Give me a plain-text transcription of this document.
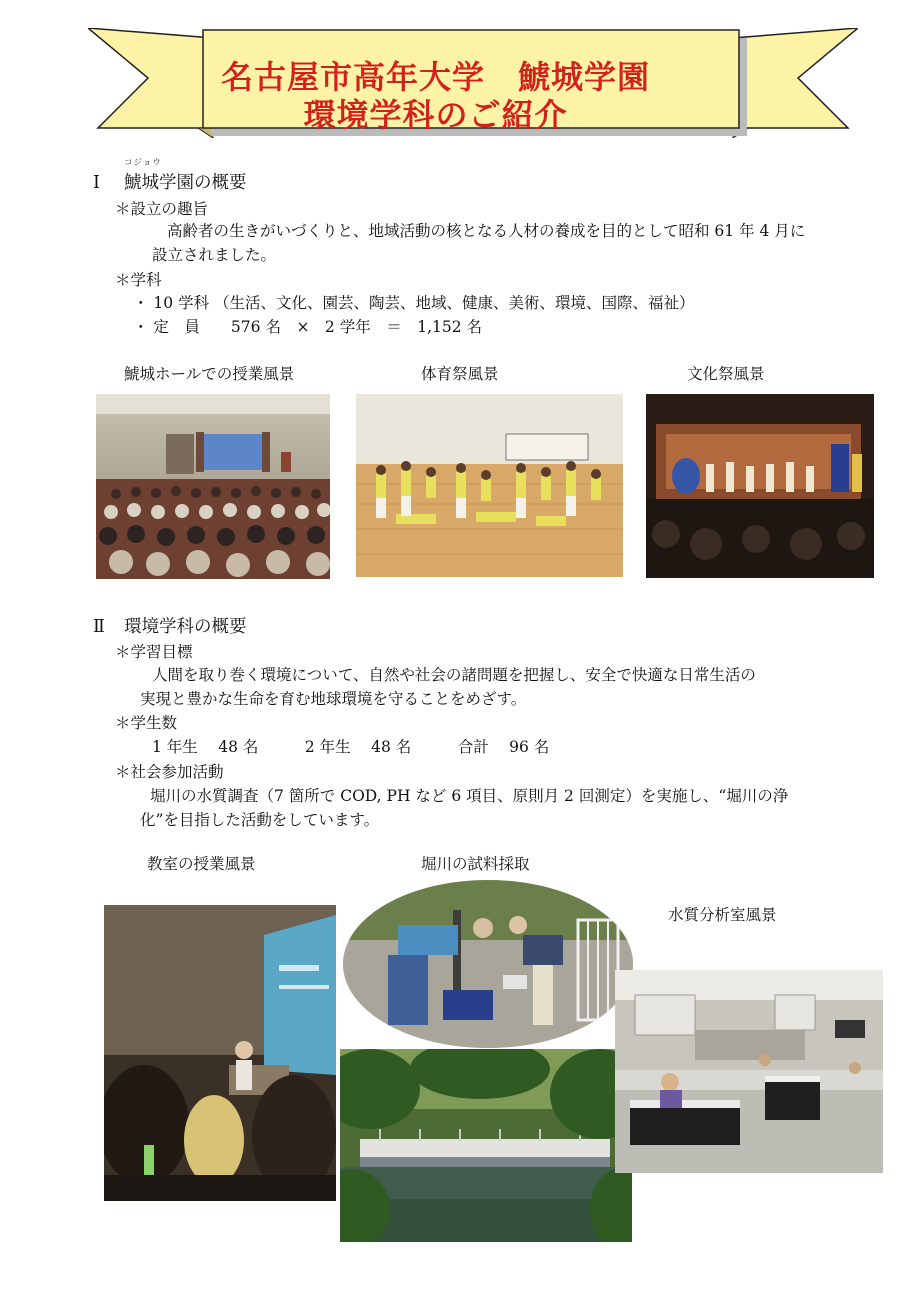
名古屋市高年大学　鯱城学園
環境学科のご紹介
コジョウ
Ⅰ 鯱城学園の概要
＊設立の趣旨
高齢者の生きがいづくりと、地域活動の核となる人材の養成を目的として昭和 61 年 4 月に
設立されました。
＊学科
・ 10 学科 （生活、文化、園芸、陶芸、地域、健康、美術、環境、国際、福祉）
・ 定　員　　576 名　×　2 学年　＝　1,152 名
鯱城ホールでの授業風景	体育祭風景	文化祭風景
Ⅱ 環境学科の概要
＊学習目標
人間を取り巻く環境について、自然や社会の諸問題を把握し、安全で快適な日常生活の
実現と豊かな生命を育む地球環境を守ることをめざす。
＊学生数
1 年生　 48 名　　　2 年生　 48 名　　　合計　 96 名
＊社会参加活動
堀川の水質調査（7 箇所で COD, PH など 6 項目、原則月 2 回測定）を実施し、“堀川の浄
化”を目指した活動をしています。
教室の授業風景	堀川の試料採取
水質分析室風景
